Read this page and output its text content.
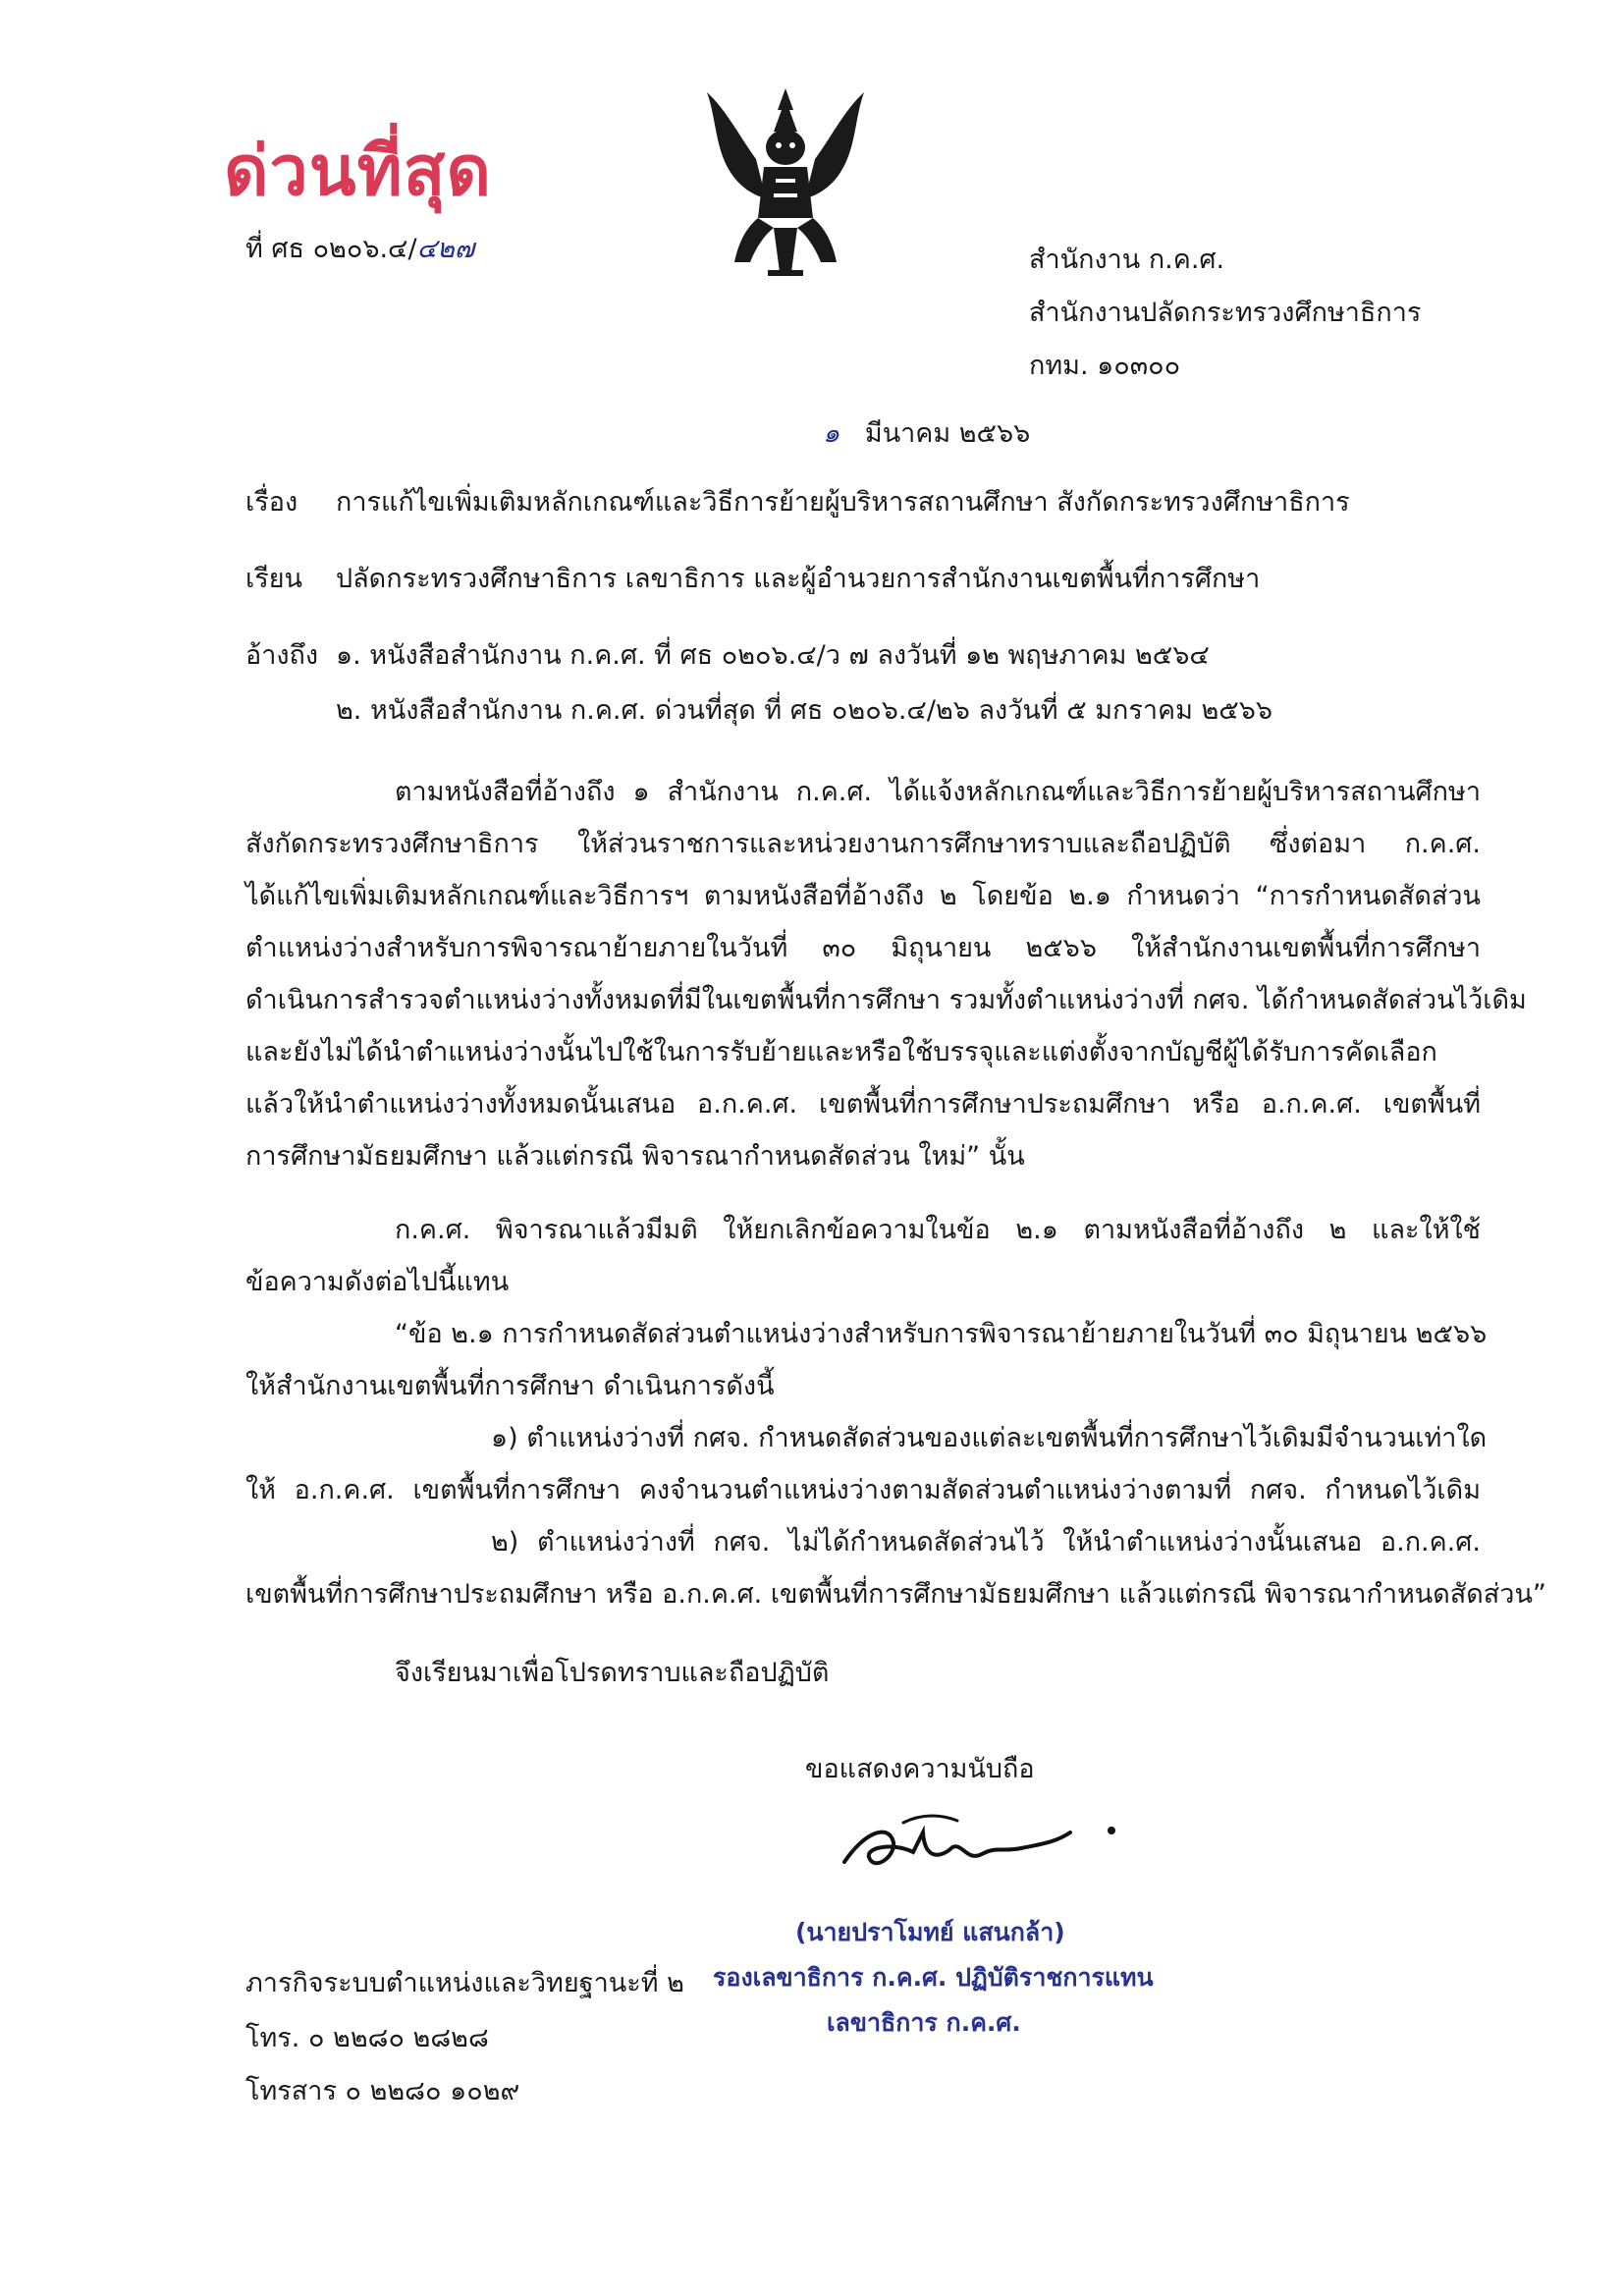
ด่วนที่สุด
ที่ ศธ ๐๒๐๖.๔/๔๒๗	สำนักงาน ก.ค.ศ.
สำนักงานปลัดกระทรวงศึกษาธิการ
กทม. ๑๐๓๐๐
๑ มีนาคม ๒๕๖๖
เรื่อง การแก้ไขเพิ่มเติมหลักเกณฑ์และวิธีการย้ายผู้บริหารสถานศึกษา สังกัดกระทรวงศึกษาธิการ
เรียน ปลัดกระทรวงศึกษาธิการ เลขาธิการ และผู้อำนวยการสำนักงานเขตพื้นที่การศึกษา
อ้างถึง ๑. หนังสือสำนักงาน ก.ค.ศ. ที่ ศธ ๐๒๐๖.๔/ว ๗ ลงวันที่ ๑๒ พฤษภาคม ๒๕๖๔
๒. หนังสือสำนักงาน ก.ค.ศ. ด่วนที่สุด ที่ ศธ ๐๒๐๖.๔/๒๖ ลงวันที่ ๕ มกราคม ๒๕๖๖
ตามหนังสือที่อ้างถึง ๑ สำนักงาน ก.ค.ศ. ได้แจ้งหลักเกณฑ์และวิธีการย้ายผู้บริหารสถานศึกษา
สังกัดกระทรวงศึกษาธิการ ให้ส่วนราชการและหน่วยงานการศึกษาทราบและถือปฏิบัติ ซึ่งต่อมา ก.ค.ศ.
ได้แก้ไขเพิ่มเติมหลักเกณฑ์และวิธีการฯ ตามหนังสือที่อ้างถึง ๒ โดยข้อ ๒.๑ กำหนดว่า “การกำหนดสัดส่วน
ตำแหน่งว่างสำหรับการพิจารณาย้ายภายในวันที่ ๓๐ มิถุนายน ๒๕๖๖ ให้สำนักงานเขตพื้นที่การศึกษา
ดำเนินการสำรวจตำแหน่งว่างทั้งหมดที่มีในเขตพื้นที่การศึกษา รวมทั้งตำแหน่งว่างที่ กศจ. ได้กำหนดสัดส่วนไว้เดิม
และยังไม่ได้นำตำแหน่งว่างนั้นไปใช้ในการรับย้ายและหรือใช้บรรจุและแต่งตั้งจากบัญชีผู้ได้รับการคัดเลือก
แล้วให้นำตำแหน่งว่างทั้งหมดนั้นเสนอ อ.ก.ค.ศ. เขตพื้นที่การศึกษาประถมศึกษา หรือ อ.ก.ค.ศ. เขตพื้นที่
การศึกษามัธยมศึกษา แล้วแต่กรณี พิจารณากำหนดสัดส่วน ใหม่” นั้น
ก.ค.ศ. พิจารณาแล้วมีมติ ให้ยกเลิกข้อความในข้อ ๒.๑ ตามหนังสือที่อ้างถึง ๒ และให้ใช้
ข้อความดังต่อไปนี้แทน
“ข้อ ๒.๑ การกำหนดสัดส่วนตำแหน่งว่างสำหรับการพิจารณาย้ายภายในวันที่ ๓๐ มิถุนายน ๒๕๖๖
ให้สำนักงานเขตพื้นที่การศึกษา ดำเนินการดังนี้
๑) ตำแหน่งว่างที่ กศจ. กำหนดสัดส่วนของแต่ละเขตพื้นที่การศึกษาไว้เดิมมีจำนวนเท่าใด
ให้ อ.ก.ค.ศ. เขตพื้นที่การศึกษา คงจำนวนตำแหน่งว่างตามสัดส่วนตำแหน่งว่างตามที่ กศจ. กำหนดไว้เดิม
๒) ตำแหน่งว่างที่ กศจ. ไม่ได้กำหนดสัดส่วนไว้ ให้นำตำแหน่งว่างนั้นเสนอ อ.ก.ค.ศ.
เขตพื้นที่การศึกษาประถมศึกษา หรือ อ.ก.ค.ศ. เขตพื้นที่การศึกษามัธยมศึกษา แล้วแต่กรณี พิจารณากำหนดสัดส่วน”
จึงเรียนมาเพื่อโปรดทราบและถือปฏิบัติ
ขอแสดงความนับถือ
(นายปราโมทย์ แสนกล้า)
รองเลขาธิการ ก.ค.ศ. ปฏิบัติราชการแทน
เลขาธิการ ก.ค.ศ.
ภารกิจระบบตำแหน่งและวิทยฐานะที่ ๒
โทร. ๐ ๒๒๘๐ ๒๘๒๘
โทรสาร ๐ ๒๒๘๐ ๑๐๒๙
